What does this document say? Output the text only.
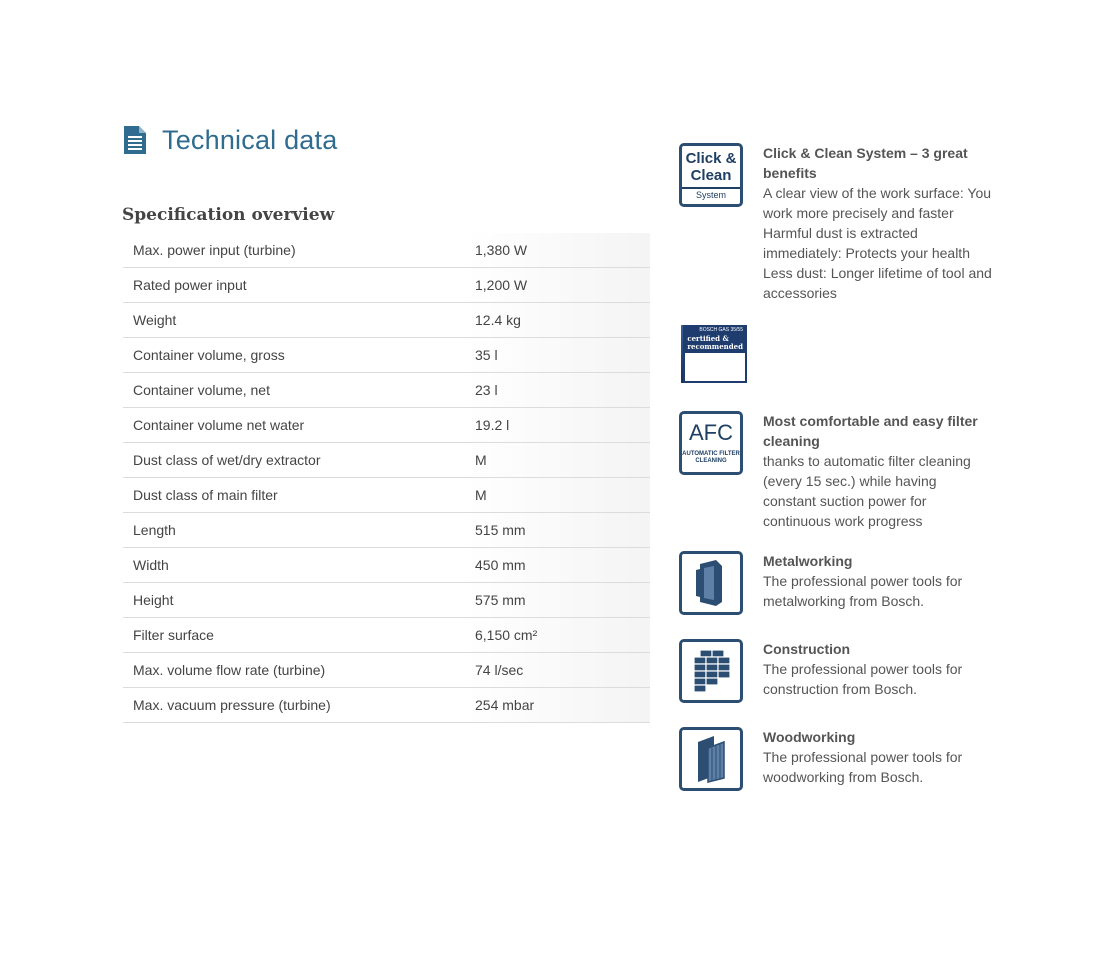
Technical data
Specification overview
Max. power input (turbine)	1,380 W
Rated power input	1,200 W
Weight	12.4 kg
Container volume, gross	35 l
Container volume, net	23 l
Container volume net water	19.2 l
Dust class of wet/dry extractor	M
Dust class of main filter	M
Length	515 mm
Width	450 mm
Height	575 mm
Filter surface	6,150 cm²
Max. volume flow rate (turbine)	74 l/sec
Max. vacuum pressure (turbine)	254 mbar
Click &
Clean
System
Click & Clean System – 3 great benefits
A clear view of the work surface: You work more precisely and faster Harmful dust is extracted immediately: Protects your health Less dust: Longer lifetime of tool and accessories
BOSCH GAS 35/55
certified & recommended
AFC
AUTOMATIC FILTER CLEANING
Most comfortable and easy filter cleaning
thanks to automatic filter cleaning (every 15 sec.) while having constant suction power for continuous work progress
Metalworking
The professional power tools for metalworking from Bosch.
Construction
The professional power tools for construction from Bosch.
Woodworking
The professional power tools for woodworking from Bosch.
